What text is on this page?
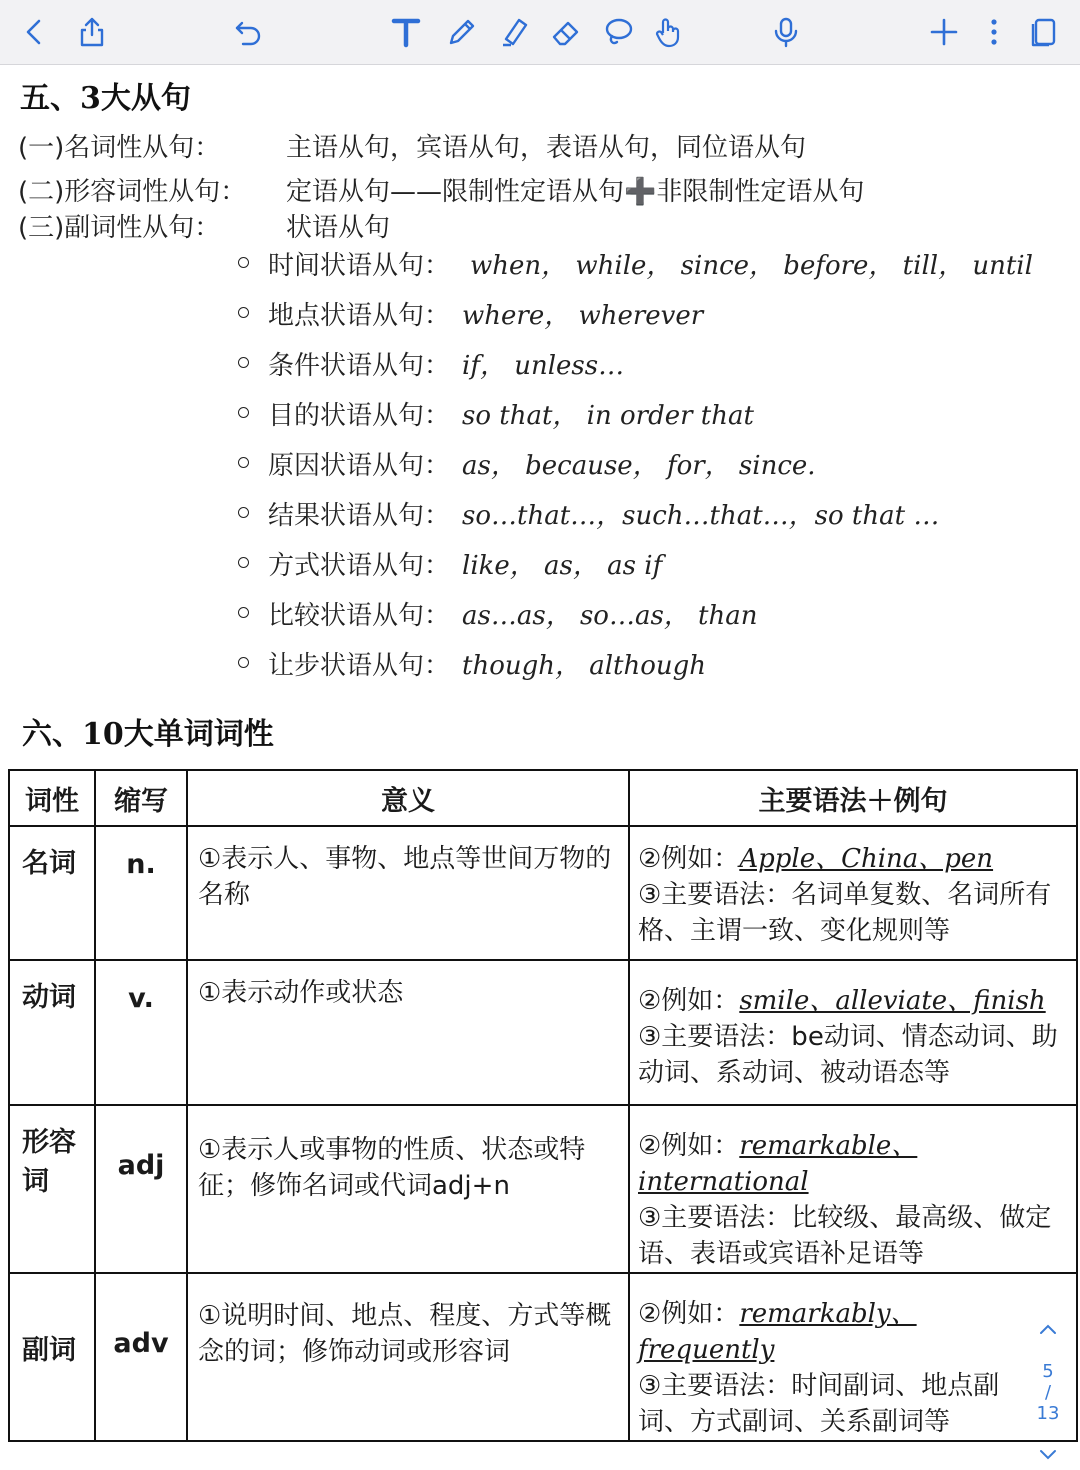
五、3大从句
(一)名词性从句：	主语从句，宾语从句，表语从句，同位语从句
(二)形容词性从句： 定语从句——限制性定语从句➕非限制性定语从句
(三)副词性从句：	状语从句
时间状语从句： when， while， since， before， till， until
地点状语从句： where， wherever
条件状语从句： if， unless…
目的状语从句： so that， in order that
原因状语从句： as， because， for， since.
结果状语从句： so…that…，such…that…，so that …
方式状语从句： like， as， as if
比较状语从句： as…as， so…as， than
让步状语从句： though， although
六、10大单词词性
词性	缩写	意义	主要语法＋例句
名词	n.	①表示人、事物、地点等世间万物的名称	②例如：Apple、China、pen
③主要语法：名词单复数、名词所有格、主谓一致、变化规则等
动词	v.	①表示动作或状态	②例如：smile、alleviate、finish
③主要语法：be动词、情态动词、助动词、系动词、被动语态等
形容词	adj	①表示人或事物的性质、状态或特征；修饰名词或代词adj+n	②例如：remarkable、international
③主要语法：比较级、最高级、做定语、表语或宾语补足语等
副词	adv	①说明时间、地点、程度、方式等概念的词；修饰动词或形容词	②例如：remarkably、frequently
③主要语法：时间副词、地点副词、方式副词、关系副词等
5
/
13
